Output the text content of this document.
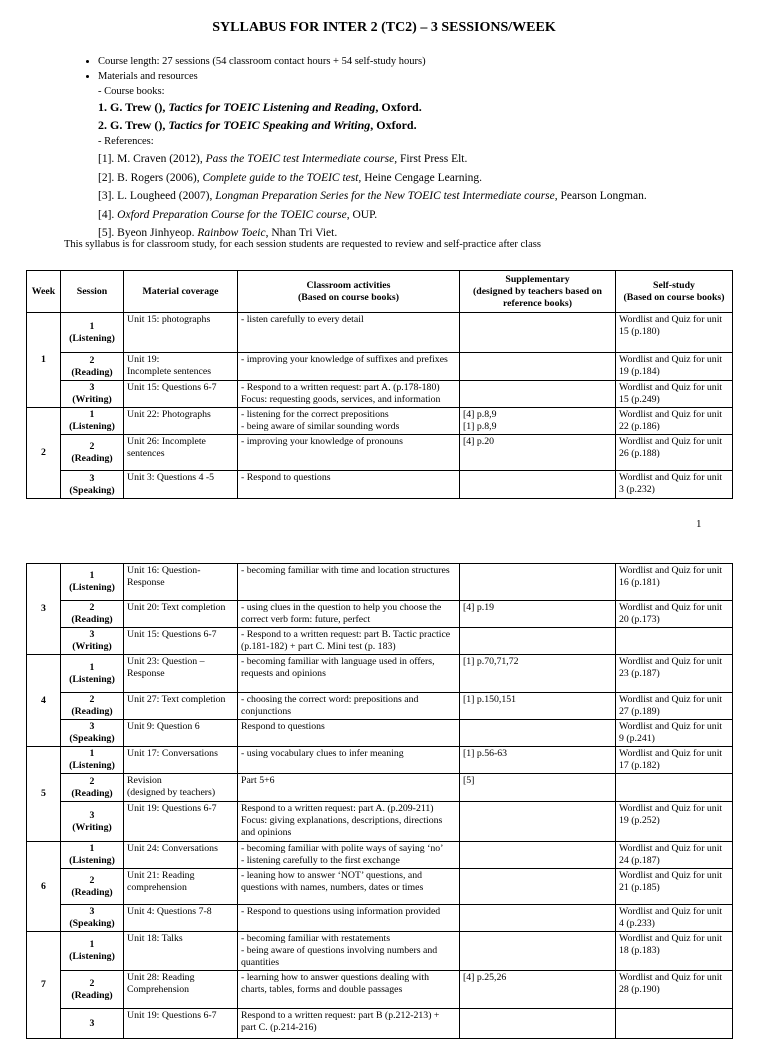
SYLLABUS FOR INTER 2 (TC2) – 3 SESSIONS/WEEK
• Course length: 27 sessions (54 classroom contact hours + 54 self-study hours)
• Materials and resources
- Course books:
1. G. Trew (), Tactics for TOEIC Listening and Reading, Oxford.
2. G. Trew (), Tactics for TOEIC Speaking and Writing, Oxford.
- References:
[1]. M. Craven (2012), Pass the TOEIC test Intermediate course, First Press Elt.
[2]. B. Rogers (2006), Complete guide to the TOEIC test, Heine Cengage Learning.
[3]. L. Lougheed (2007), Longman Preparation Series for the New TOEIC test Intermediate course, Pearson Longman.
[4]. Oxford Preparation Course for the TOEIC course, OUP.
[5]. Byeon Jinhyeop. Rainbow Toeic, Nhan Tri Viet.
This syllabus is for classroom study, for each session students are requested to review and self-practice after class
Week	Session	Material coverage	Classroom activities
(Based on course books)	Supplementary
(designed by teachers based on reference books)	Self-study
(Based on course books)
1	1
(Listening)	Unit 15: photographs	- listen carefully to every detail		Wordlist and Quiz for unit 15 (p.180)
	2
(Reading)	Unit 19:
Incomplete sentences	- improving your knowledge of suffixes and prefixes		Wordlist and Quiz for unit 19 (p.184)
	3
(Writing)	Unit 15: Questions 6-7	- Respond to a written request: part A. (p.178-180)
Focus: requesting goods, services, and information		Wordlist and Quiz for unit 15 (p.249)
2	1
(Listening)	Unit 22: Photographs	- listening for the correct prepositions
- being aware of similar sounding words	[4] p.8,9
[1] p.8,9	Wordlist and Quiz for unit 22 (p.186)
	2
(Reading)	Unit 26: Incomplete sentences	- improving your knowledge of pronouns	[4] p.20	Wordlist and Quiz for unit 26 (p.188)
	3
(Speaking)	Unit 3: Questions 4 -5	- Respond to questions		Wordlist and Quiz for unit 3 (p.232)
1
3	1
(Listening)	Unit 16: Question-Response	- becoming familiar with time and location structures		Wordlist and Quiz for unit 16 (p.181)
	2
(Reading)	Unit 20: Text completion	- using clues in the question to help you choose the correct verb form: future, perfect	[4] p.19	Wordlist and Quiz for unit 20 (p.173)
	3
(Writing)	Unit 15: Questions 6-7	- Respond to a written request: part B. Tactic practice (p.181-182) + part C. Mini test (p. 183)		
4	1
(Listening)	Unit 23: Question – Response	- becoming familiar with language used in offers, requests and opinions	[1] p.70,71,72	Wordlist and Quiz for unit 23 (p.187)
	2
(Reading)	Unit 27: Text completion	- choosing the correct word: prepositions and conjunctions	[1] p.150,151	Wordlist and Quiz for unit 27 (p.189)
	3
(Speaking)	Unit 9: Question 6	Respond to questions		Wordlist and Quiz for unit 9 (p.241)
5	1
(Listening)	Unit 17: Conversations	- using vocabulary clues to infer meaning	[1] p.56-63	Wordlist and Quiz for unit 17 (p.182)
	2
(Reading)	Revision
(designed by teachers)	Part 5+6	[5]	
	3
(Writing)	Unit 19: Questions 6-7	Respond to a written request: part A. (p.209-211)
Focus: giving explanations, descriptions, directions and opinions		Wordlist and Quiz for unit 19 (p.252)
6	1
(Listening)	Unit 24: Conversations	- becoming familiar with polite ways of saying ‘no’
- listening carefully to the first exchange		Wordlist and Quiz for unit 24 (p.187)
	2
(Reading)	Unit 21: Reading comprehension	- leaning how to answer ‘NOT’ questions, and questions with names, numbers, dates or times		Wordlist and Quiz for unit 21 (p.185)
	3
(Speaking)	Unit 4: Questions 7-8	- Respond to questions using information provided		Wordlist and Quiz for unit 4 (p.233)
7	1
(Listening)	Unit 18: Talks	- becoming familiar with restatements
- being aware of questions involving numbers and quantities		Wordlist and Quiz for unit 18 (p.183)
	2
(Reading)	Unit 28: Reading Comprehension	- learning how to answer questions dealing with charts, tables, forms and double passages	[4] p.25,26	Wordlist and Quiz for unit 28 (p.190)
	3	Unit 19: Questions 6-7	Respond to a written request: part B (p.212-213) + part C. (p.214-216)		
